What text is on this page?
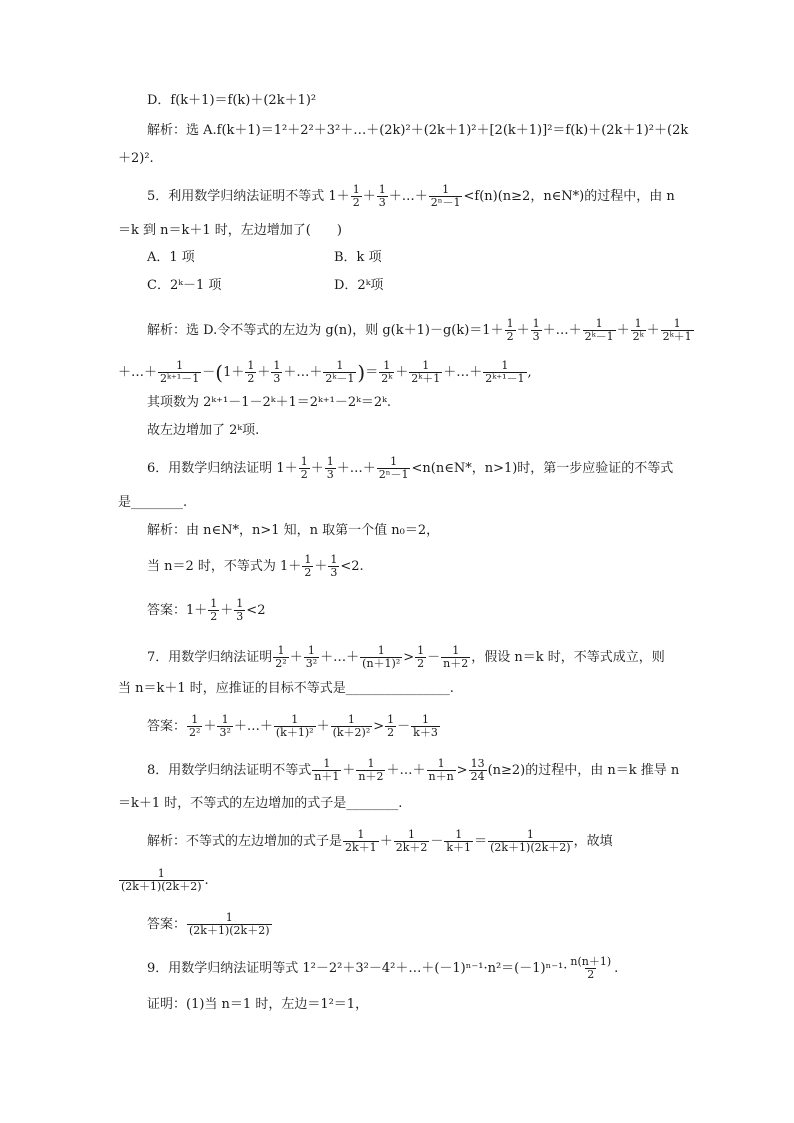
D．f(k＋1)＝f(k)＋(2k＋1)²
解析：选 A.f(k＋1)＝1²＋2²＋3²＋…＋(2k)²＋(2k＋1)²＋[2(k＋1)]²＝f(k)＋(2k＋1)²＋(2k
＋2)².
5．利用数学归纳法证明不等式 $1+ \frac{1}{2} + \frac{1}{3}$ ＋…＋ $\frac{1}{\text{2ⁿ－1}} <f(n)(n\ge 2$，n∈N*)的过程中，由 n
＝k 到 n＝k＋1 时，左边增加了(　　)
A．1 项	B．k 项
C．2ᵏ－1 项	D．2ᵏ项
解析：选 D.令不等式的左边为 g(n)，则 $g(k+1)-g(k)=1+ \frac{1}{2} + \frac{1}{3}$ ＋…＋ $\frac{1}{\text{2ᵏ－1}} + \frac{1}{\text{2ᵏ}} + \frac{1}{\text{2ᵏ＋1}}$
＋…＋ $\frac{1}{\text{2ᵏ⁺¹－1}} -(1+ \frac{1}{2} + \frac{1}{3}$ ＋…＋ $\frac{1}{\text{2ᵏ－1}}$ )＝ $\frac{1}{\text{2ᵏ}} + \frac{1}{\text{2ᵏ＋1}}$ ＋…＋ $\frac{1}{\text{2ᵏ⁺¹－1}}$ ,
其项数为 2ᵏ⁺¹－1－2ᵏ＋1＝2ᵏ⁺¹－2ᵏ＝2ᵏ.
故左边增加了 2ᵏ项.
6．用数学归纳法证明 $1+ \frac{1}{2} + \frac{1}{3}$ ＋…＋ $\frac{1}{\text{2ⁿ－1}}$ <n(n∈N*，n>1)时，第一步应验证的不等式
是________.
解析：由 n∈N*，n>1 知，n 取第一个值 n₀＝2，
当 n＝2 时，不等式为 $1+ \frac{1}{2} + \frac{1}{3} <2$.
答案：$1+ \frac{1}{2} + \frac{1}{3} <2$
7．用数学归纳法证明 $\frac{1}{\text{2²}} + \frac{1}{\text{3²}}$ ＋…＋ $\frac{1}{\text{(n＋1)²}} > \frac{1}{2} - \frac{1}{n+2}$ ，假设 n＝k 时，不等式成立，则
当 n＝k＋1 时，应推证的目标不等式是________________.
答案： $\frac{1}{\text{2²}} + \frac{1}{\text{3²}}$ ＋…＋ $\frac{1}{\text{(k＋1)²}} + \frac{1}{\text{(k＋2)²}} > \frac{1}{2} - \frac{1}{k+3}$
8．用数学归纳法证明不等式 $\frac{1}{n+1} + \frac{1}{n+2}$ ＋…＋ $\frac{1}{n+n} > \frac{13}{24} (n\ge 2)$的过程中，由 n＝k 推导 n
＝k＋1 时，不等式的左边增加的式子是________.
解析：不等式的左边增加的式子是 $\frac{1}{2k+1} + \frac{1}{2k+2} - \frac{1}{k+1} = \frac{1}{(2k+1)(2k+2)}$ ，故填
$\frac{1}{(2k+1)(2k+2)}$ .
答案： $\frac{1}{(2k+1)(2k+2)}$
9．用数学归纳法证明等式 1²－2²＋3²－4²＋…＋(－1)ⁿ⁻¹·n²＝(－1)ⁿ⁻¹· $\frac{n(n+1)}{2}$ .
证明：(1)当 n＝1 时，左边＝1²＝1，
